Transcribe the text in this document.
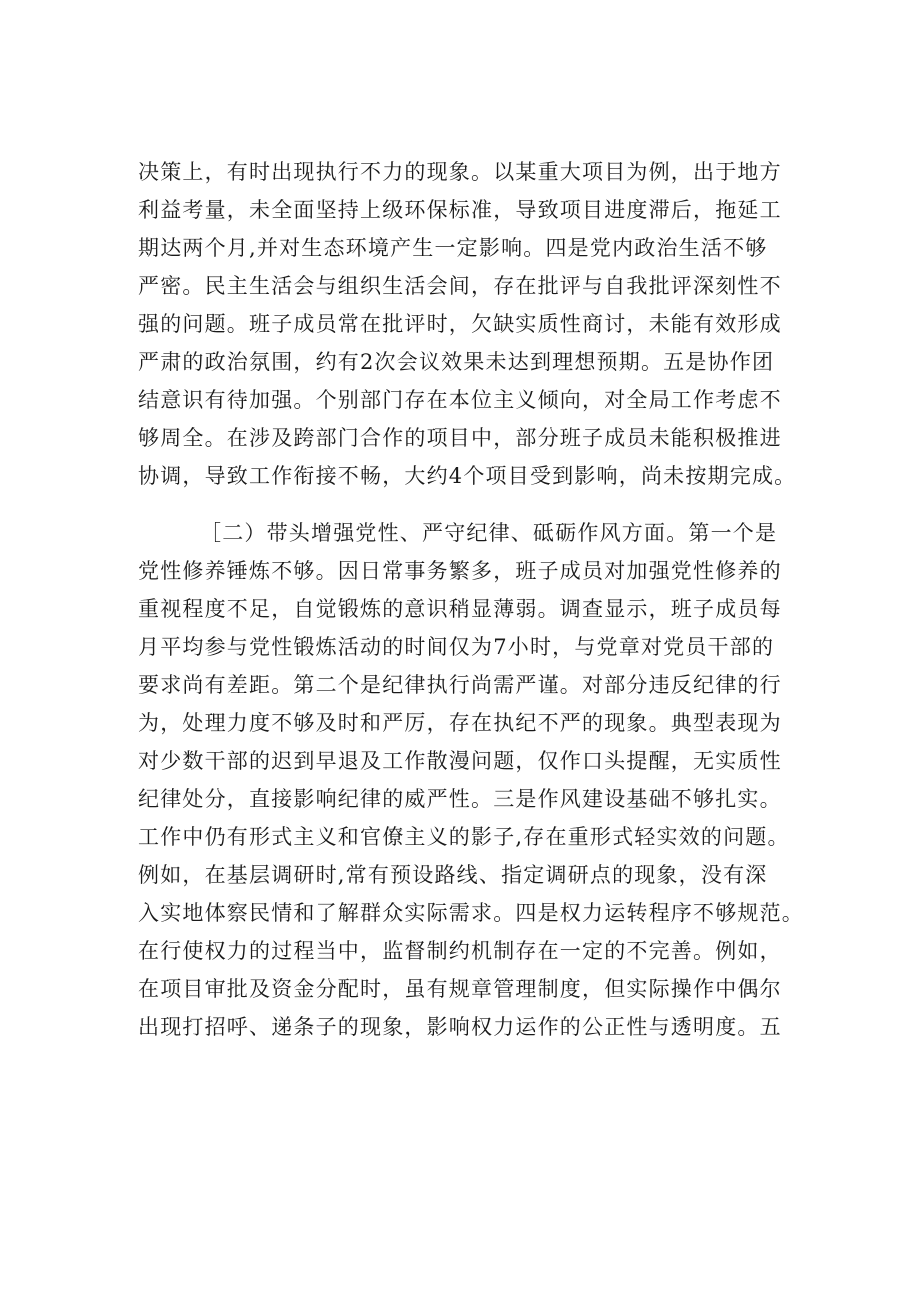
决策上，有时出现执行不力的现象。以某重大项目为例，出于地方
利益考量，未全面坚持上级环保标准，导致项目进度滞后，拖延工
期达两个月,并对生态环境产生一定影响。四是党内政治生活不够
严密。民主生活会与组织生活会间，存在批评与自我批评深刻性不
强的问题。班子成员常在批评时，欠缺实质性商讨，未能有效形成
严肃的政治氛围，约有2次会议效果未达到理想预期。五是协作团
结意识有待加强。个别部门存在本位主义倾向，对全局工作考虑不
够周全。在涉及跨部门合作的项目中，部分班子成员未能积极推进
协调，导致工作衔接不畅，大约4个项目受到影响，尚未按期完成。
［二）带头增强党性、严守纪律、砥砺作风方面。第一个是
党性修养锤炼不够。因日常事务繁多，班子成员对加强党性修养的
重视程度不足，自觉锻炼的意识稍显薄弱。调查显示，班子成员每
月平均参与党性锻炼活动的时间仅为7小时，与党章对党员干部的
要求尚有差距。第二个是纪律执行尚需严谨。对部分违反纪律的行
为，处理力度不够及时和严厉，存在执纪不严的现象。典型表现为
对少数干部的迟到早退及工作散漫问题，仅作口头提醒，无实质性
纪律处分，直接影响纪律的威严性。三是作风建设基础不够扎实。
工作中仍有形式主义和官僚主义的影子,存在重形式轻实效的问题。
例如，在基层调研时,常有预设路线、指定调研点的现象，没有深
入实地体察民情和了解群众实际需求。四是权力运转程序不够规范。
在行使权力的过程当中，监督制约机制存在一定的不完善。例如，
在项目审批及资金分配时，虽有规章管理制度，但实际操作中偶尔
出现打招呼、递条子的现象，影响权力运作的公正性与透明度。五
